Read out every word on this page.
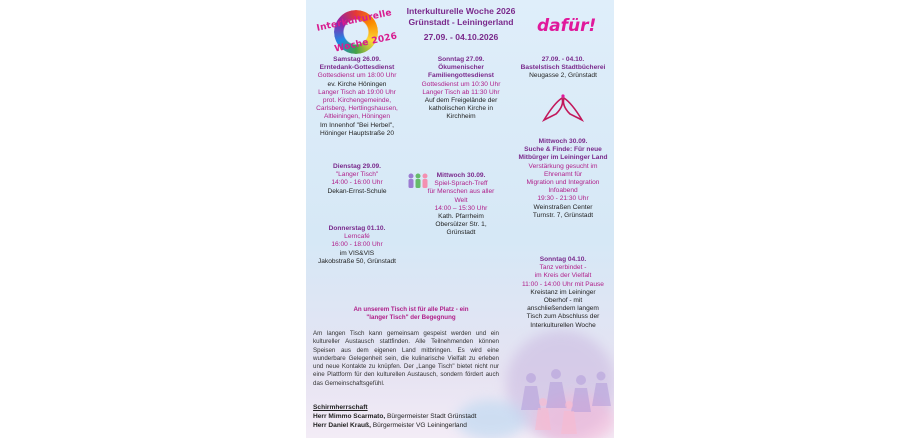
Interkulturelle
Woche 2026
Interkulturelle Woche 2026
Grünstadt - Leiningerland
27.09. - 04.10.2026
dafür!
Samstag 26.09.
Erntedank-Gottesdienst
Gottesdienst um 18:00 Uhr
ev. Kirche Höningen
Langer Tisch ab 19:00 Uhr
prot. Kirchengemeinde,
Carlsberg, Hertlingshausen,
Altleiningen, Höningen
Im Innenhof "Bei Herbel",
Höninger Hauptstraße 20
Sonntag 27.09.
Ökumenischer
Familiengottesdienst
Gottesdienst um 10:30 Uhr
Langer Tisch ab 11:30 Uhr
Auf dem Freigelände der
katholischen Kirche in
Kirchheim
27.09. - 04.10.
Bastelstisch Stadtbücherei
Neugasse 2, Grünstadt
Dienstag 29.09.
"Langer Tisch"
14:00 - 16:00 Uhr
Dekan-Ernst-Schule
Mittwoch 30.09.
Spiel-Sprach-Treff
für Menschen aus aller
Welt
14:00 – 15:30 Uhr
Kath. Pfarrheim
Obersülzer Str. 1,
Grünstadt
Mittwoch 30.09.
Suche & Finde: Für neue
Mitbürger im Leininger Land
Verstärkung gesucht im
Ehrenamt für
Migration und Integration
Infoabend
19:30 - 21:30 Uhr
Weinstraßen Center
Turnstr. 7, Grünstadt
Donnerstag 01.10.
Lerncafé
16:00 - 18:00 Uhr
im VIS&VIS
Jakobstraße 50, Grünstadt	Sonntag 04.10.
Tanz verbindet -
im Kreis der Vielfalt
11:00 - 14:00 Uhr mit Pause
Kreistanz im Leininger
Oberhof - mit
anschließendem langem
Tisch zum Abschluss der
Interkulturellen Woche
An unserem Tisch ist für alle Platz - ein
"langer Tisch" der Begegnung
Am langen Tisch kann gemeinsam gespeist werden und ein kultureller Austausch stattfinden. Alle Teilnehmenden können Speisen aus dem eigenen Land mitbringen. Es wird eine wunderbare Gelegenheit sein, die kulinarische Vielfalt zu erleben und neue Kontakte zu knüpfen. Der „Lange Tisch" bietet nicht nur eine Plattform für den kulturellen Austausch, sondern fördert auch das Gemeinschaftsgefühl.
Schirmherrschaft
Herr Mimmo Scarmato, Bürgermeister Stadt Grünstadt
Herr Daniel Krauß, Bürgermeister VG Leiningerland
